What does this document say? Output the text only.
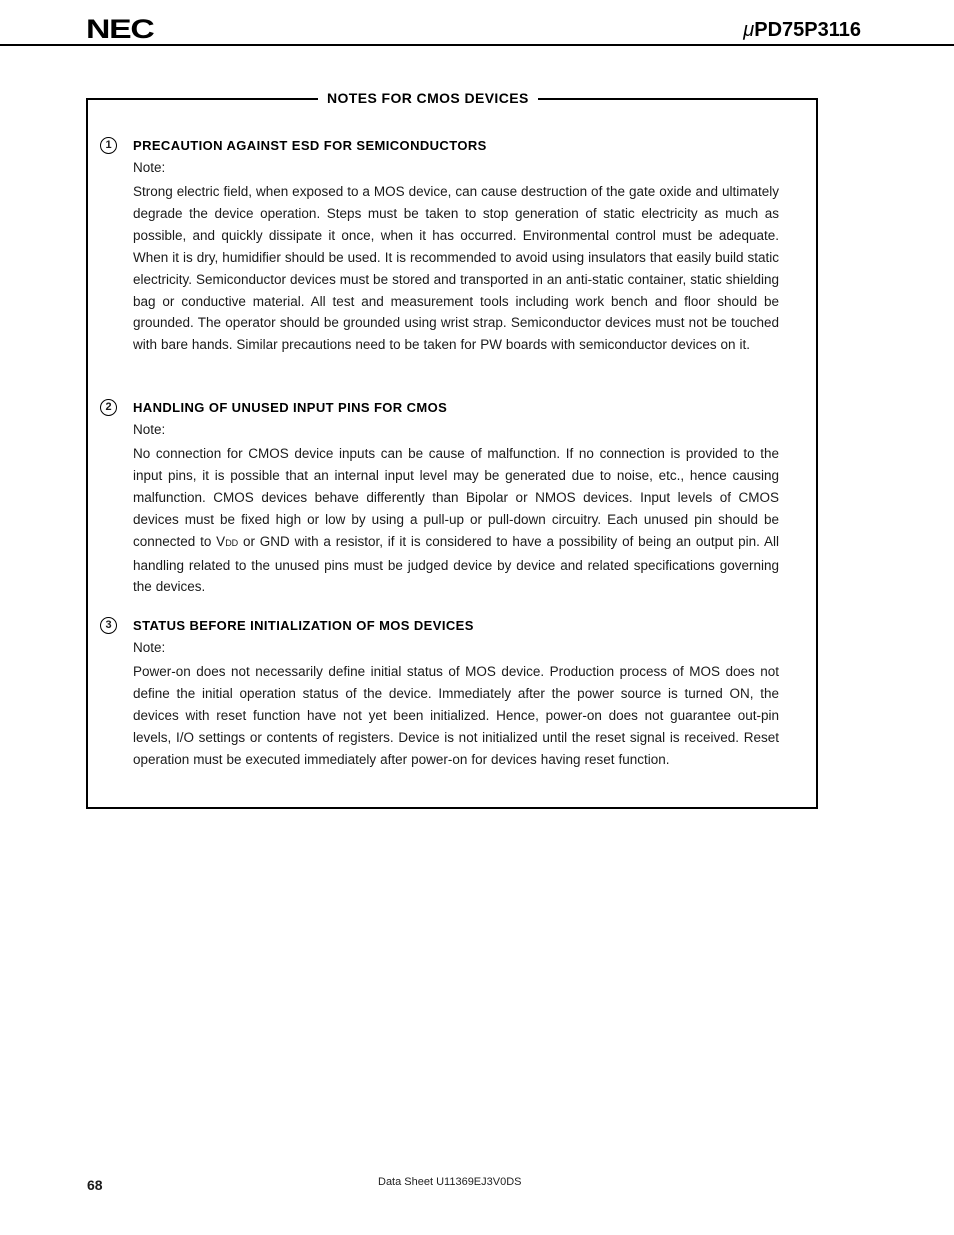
NEC	μPD75P3116
NOTES FOR CMOS DEVICES
1	PRECAUTION AGAINST ESD FOR SEMICONDUCTORS
Note:
Strong electric field, when exposed to a MOS device, can cause destruction of the gate oxide and ultimately degrade the device operation. Steps must be taken to stop generation of static electricity as much as possible, and quickly dissipate it once, when it has occurred. Environmental control must be adequate. When it is dry, humidifier should be used. It is recommended to avoid using insulators that easily build static electricity. Semiconductor devices must be stored and transported in an anti-static container, static shielding bag or conductive material. All test and measurement tools including work bench and floor should be grounded. The operator should be grounded using wrist strap. Semiconductor devices must not be touched with bare hands. Similar precautions need to be taken for PW boards with semiconductor devices on it.
2	HANDLING OF UNUSED INPUT PINS FOR CMOS
Note:
No connection for CMOS device inputs can be cause of malfunction. If no connection is provided to the input pins, it is possible that an internal input level may be generated due to noise, etc., hence causing malfunction. CMOS devices behave differently than Bipolar or NMOS devices. Input levels of CMOS devices must be fixed high or low by using a pull-up or pull-down circuitry. Each unused pin should be connected to VDD or GND with a resistor, if it is considered to have a possibility of being an output pin. All handling related to the unused pins must be judged device by device and related specifications governing the devices.
3	STATUS BEFORE INITIALIZATION OF MOS DEVICES
Note:
Power-on does not necessarily define initial status of MOS device. Production process of MOS does not define the initial operation status of the device. Immediately after the power source is turned ON, the devices with reset function have not yet been initialized. Hence, power-on does not guarantee out-pin levels, I/O settings or contents of registers. Device is not initialized until the reset signal is received. Reset operation must be executed immediately after power-on for devices having reset function.
68	Data Sheet U11369EJ3V0DS
